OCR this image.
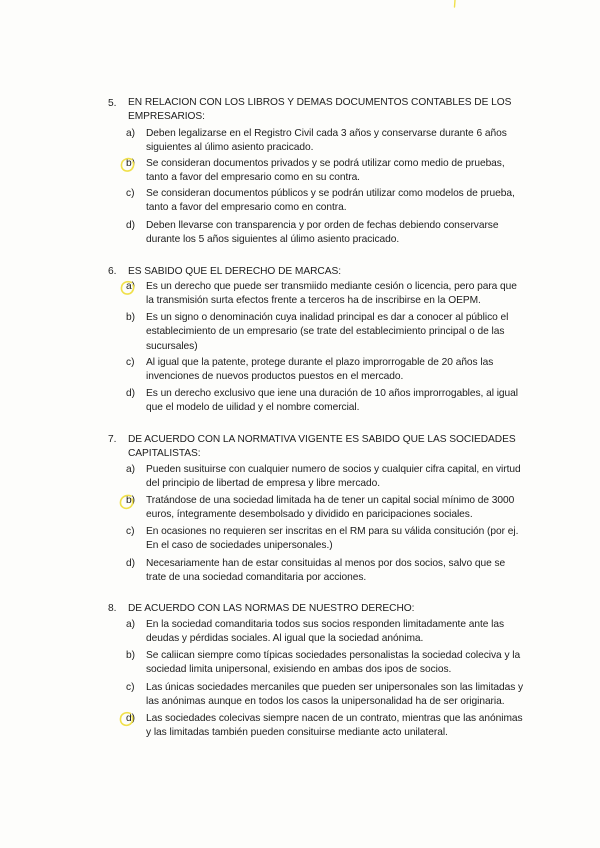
5. EN RELACION CON LOS LIBROS Y DEMAS DOCUMENTOS CONTABLES DE LOS EMPRESARIOS:
a) Deben legalizarse en el Registro Civil cada 3 años y conservarse durante 6 años siguientes al úlimo asiento pracicado.
b) Se consideran documentos privados y se podrá utilizar como medio de pruebas, tanto a favor del empresario como en su contra.
c) Se consideran documentos públicos y se podrán utilizar como modelos de prueba, tanto a favor del empresario como en contra.
d) Deben llevarse con transparencia y por orden de fechas debiendo conservarse durante los 5 años siguientes al úlimo asiento pracicado.
6. ES SABIDO QUE EL DERECHO DE MARCAS:
a) Es un derecho que puede ser transmiido mediante cesión o licencia, pero para que la transmisión surta efectos frente a terceros ha de inscribirse en la OEPM.
b) Es un signo o denominación cuya inalidad principal es dar a conocer al público el establecimiento de un empresario (se trate del establecimiento principal o de las sucursales)
c) Al igual que la patente, protege durante el plazo improrrogable de 20 años las invenciones de nuevos productos puestos en el mercado.
d) Es un derecho exclusivo que iene una duración de 10 años improrrogables, al igual que el modelo de uilidad y el nombre comercial.
7. DE ACUERDO CON LA NORMATIVA VIGENTE ES SABIDO QUE LAS SOCIEDADES CAPITALISTAS:
a) Pueden susituirse con cualquier numero de socios y cualquier cifra capital, en virtud del principio de libertad de empresa y libre mercado.
b) Tratándose de una sociedad limitada ha de tener un capital social mínimo de 3000 euros, íntegramente desembolsado y dividido en paricipaciones sociales.
c) En ocasiones no requieren ser inscritas en el RM para su válida consitución (por ej. En el caso de sociedades unipersonales.)
d) Necesariamente han de estar consituidas al menos por dos socios, salvo que se trate de una sociedad comanditaria por acciones.
8. DE ACUERDO CON LAS NORMAS DE NUESTRO DERECHO:
a) En la sociedad comanditaria todos sus socios responden limitadamente ante las deudas y pérdidas sociales. Al igual que la sociedad anónima.
b) Se caliican siempre como típicas sociedades personalistas la sociedad coleciva y la sociedad limita unipersonal, exisiendo en ambas dos ipos de socios.
c) Las únicas sociedades mercaniles que pueden ser unipersonales son las limitadas y las anónimas aunque en todos los casos la unipersonalidad ha de ser originaria.
d) Las sociedades colecivas siempre nacen de un contrato, mientras que las anónimas y las limitadas también pueden consituirse mediante acto unilateral.
